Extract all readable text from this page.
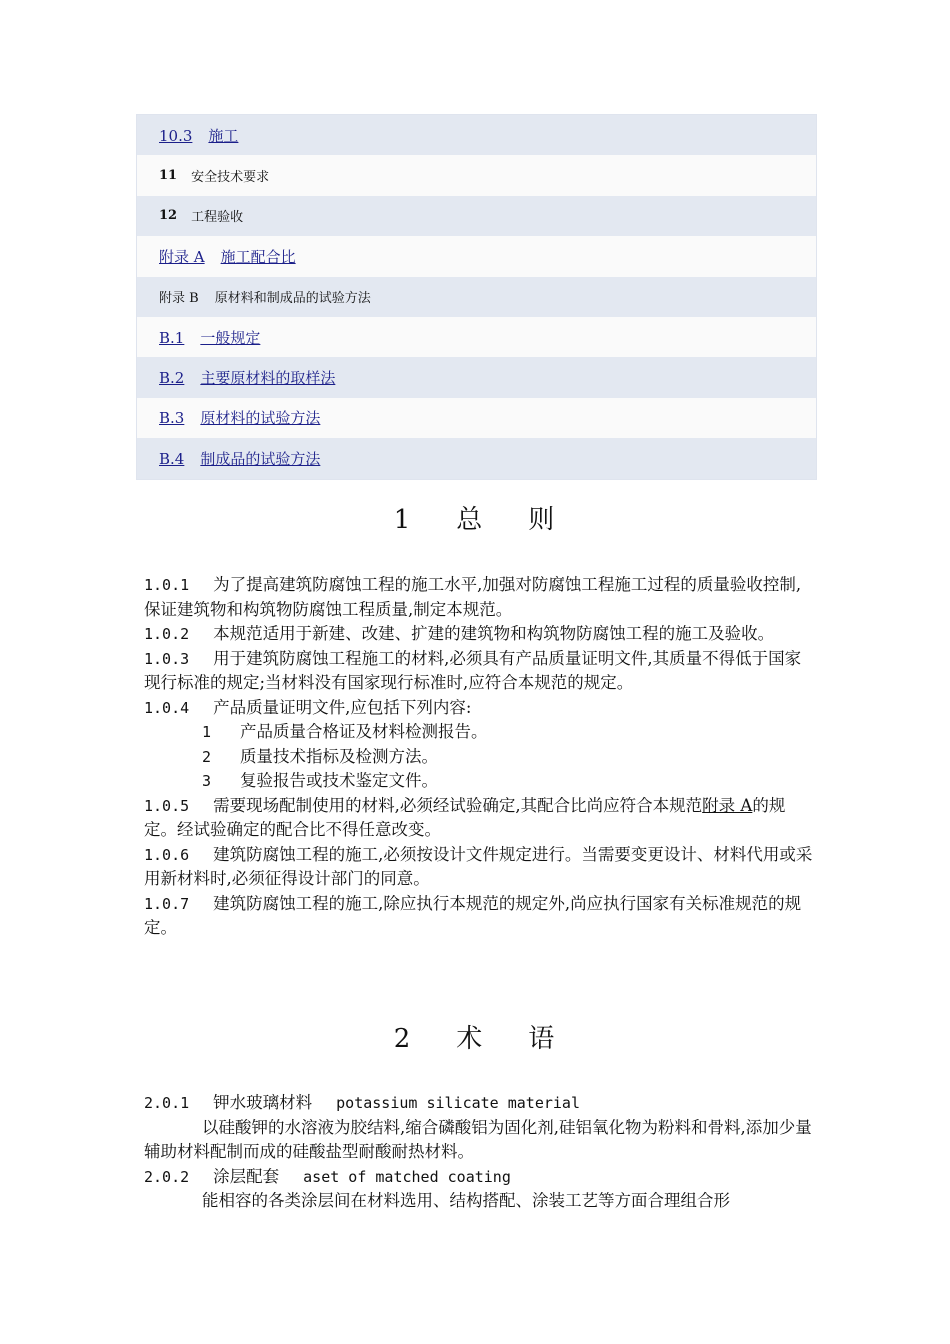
10.3 施工
11 安全技术要求
12 工程验收
附录 A 施工配合比
附录 B 原材料和制成品的试验方法
B.1 一般规定
B.2 主要原材料的取样法
B.3 原材料的试验方法
B.4 制成品的试验方法
1 总 则
1.0.1 为了提高建筑防腐蚀工程的施工水平,加强对防腐蚀工程施工过程的质量验收控制,保证建筑物和构筑物防腐蚀工程质量,制定本规范。
1.0.2 本规范适用于新建、改建、扩建的建筑物和构筑物防腐蚀工程的施工及验收。
1.0.3 用于建筑防腐蚀工程施工的材料,必须具有产品质量证明文件,其质量不得低于国家现行标准的规定;当材料没有国家现行标准时,应符合本规范的规定。
1.0.4 产品质量证明文件,应包括下列内容:
1 产品质量合格证及材料检测报告。
2 质量技术指标及检测方法。
3 复验报告或技术鉴定文件。
1.0.5 需要现场配制使用的材料,必须经试验确定,其配合比尚应符合本规范附录 A的规定。经试验确定的配合比不得任意改变。
1.0.6 建筑防腐蚀工程的施工,必须按设计文件规定进行。当需要变更设计、材料代用或采用新材料时,必须征得设计部门的同意。
1.0.7 建筑防腐蚀工程的施工,除应执行本规范的规定外,尚应执行国家有关标准规范的规定。
2 术 语
2.0.1 钾水玻璃材料 potassium silicate material
以硅酸钾的水溶液为胶结料,缩合磷酸铝为固化剂,硅铝氧化物为粉料和骨料,添加少量辅助材料配制而成的硅酸盐型耐酸耐热材料。
2.0.2 涂层配套 aset of matched coating
能相容的各类涂层间在材料选用、结构搭配、涂装工艺等方面合理组合形
